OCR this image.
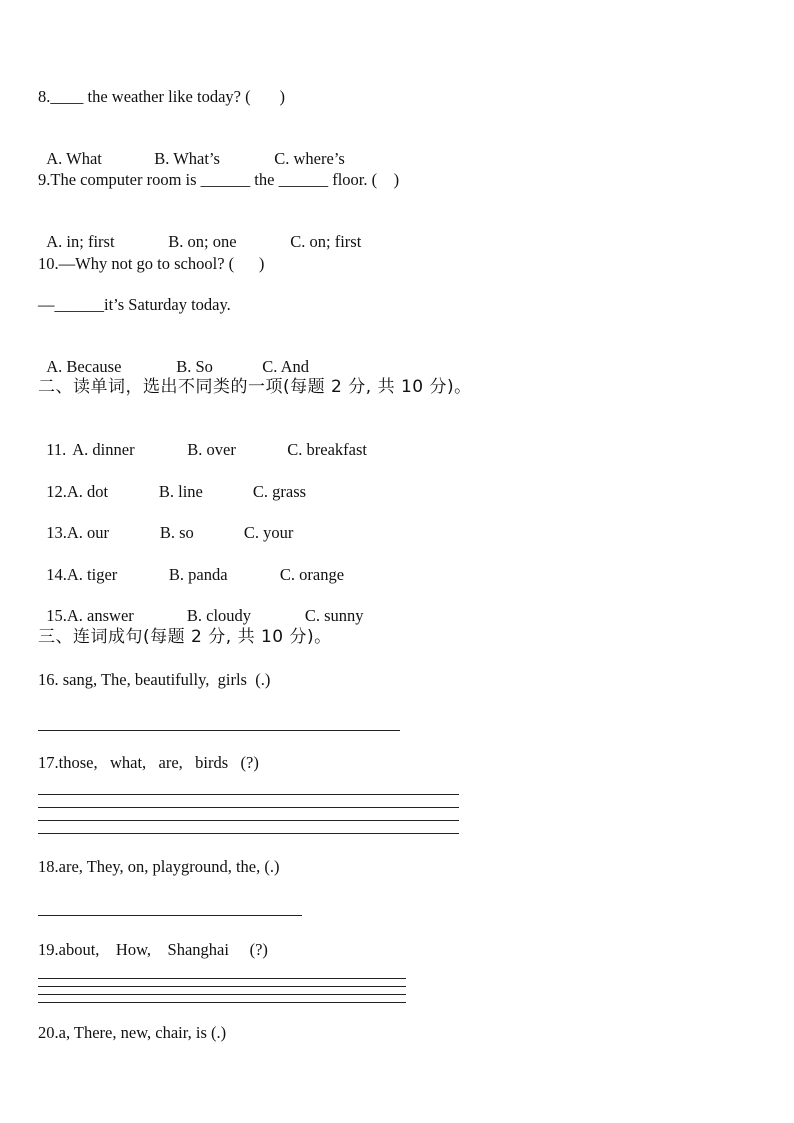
8.____ the weather like today? (       )

A. What	B. What’s	C. where’s

9.The computer room is ______ the ______ floor. (    )

A. in; first	B. on; one	C. on; first

10.—Why not go to school? (      )
—______it’s Saturday today.

A. Because	B. So	C. And

二、读单词，选出不同类的一项(每题 2 分, 共 10 分)。

11. A. dinner	B. over	C. breakfast

12.A. dot	B. line	C. grass

13.A. our	B. so	C. your

14.A. tiger	B. panda	C. orange

15.A. answer	B. cloudy	C. sunny

三、连词成句(每题 2 分, 共 10 分)。
16. sang, The, beautifully,  girls  (.)
17.those,   what,   are,   birds   (?)
18.are, They, on, playground, the, (.)
19.about,    How,    Shanghai     (?)
20.a, There, new, chair, is (.)
